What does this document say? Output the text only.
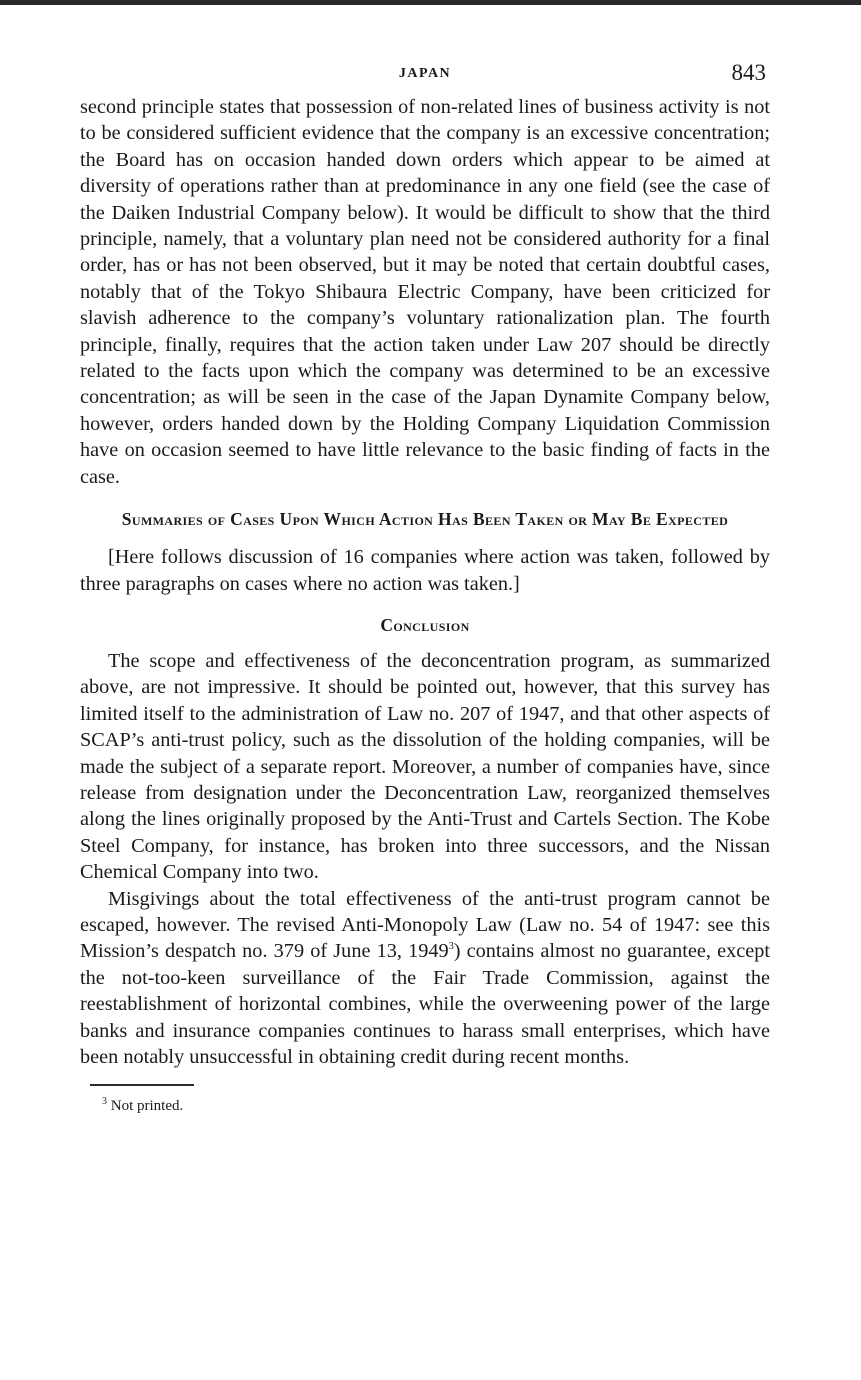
JAPAN	843

second principle states that possession of non-related lines of business activity is not to be considered sufficient evidence that the company is an excessive concentration; the Board has on occasion handed down orders which appear to be aimed at diversity of operations rather than at predominance in any one field (see the case of the Daiken Industrial Company below). It would be difficult to show that the third principle, namely, that a voluntary plan need not be considered authority for a final order, has or has not been observed, but it may be noted that certain doubtful cases, notably that of the Tokyo Shibaura Electric Company, have been criticized for slavish adherence to the company’s voluntary rationalization plan. The fourth principle, finally, requires that the action taken under Law 207 should be directly related to the facts upon which the company was determined to be an excessive concentration; as will be seen in the case of the Japan Dynamite Company below, however, orders handed down by the Holding Company Liquidation Commission have on occasion seemed to have little relevance to the basic finding of facts in the case.

Summaries of Cases Upon Which Action Has Been Taken or May Be Expected

[Here follows discussion of 16 companies where action was taken, followed by three paragraphs on cases where no action was taken.]

Conclusion

The scope and effectiveness of the deconcentration program, as summarized above, are not impressive. It should be pointed out, however, that this survey has limited itself to the administration of Law no. 207 of 1947, and that other aspects of SCAP’s anti-trust policy, such as the dissolution of the holding companies, will be made the subject of a separate report. Moreover, a number of companies have, since release from designation under the Deconcentration Law, reorganized themselves along the lines originally proposed by the Anti-Trust and Cartels Section. The Kobe Steel Company, for instance, has broken into three successors, and the Nissan Chemical Company into two.

Misgivings about the total effectiveness of the anti-trust program cannot be escaped, however. The revised Anti-Monopoly Law (Law no. 54 of 1947: see this Mission’s despatch no. 379 of June 13, 1949$^3$) contains almost no guarantee, except the not-too-keen surveillance of the Fair Trade Commission, against the reestablishment of horizontal combines, while the overweening power of the large banks and insurance companies continues to harass small enterprises, which have been notably unsuccessful in obtaining credit during recent months.

$^3$ Not printed.
